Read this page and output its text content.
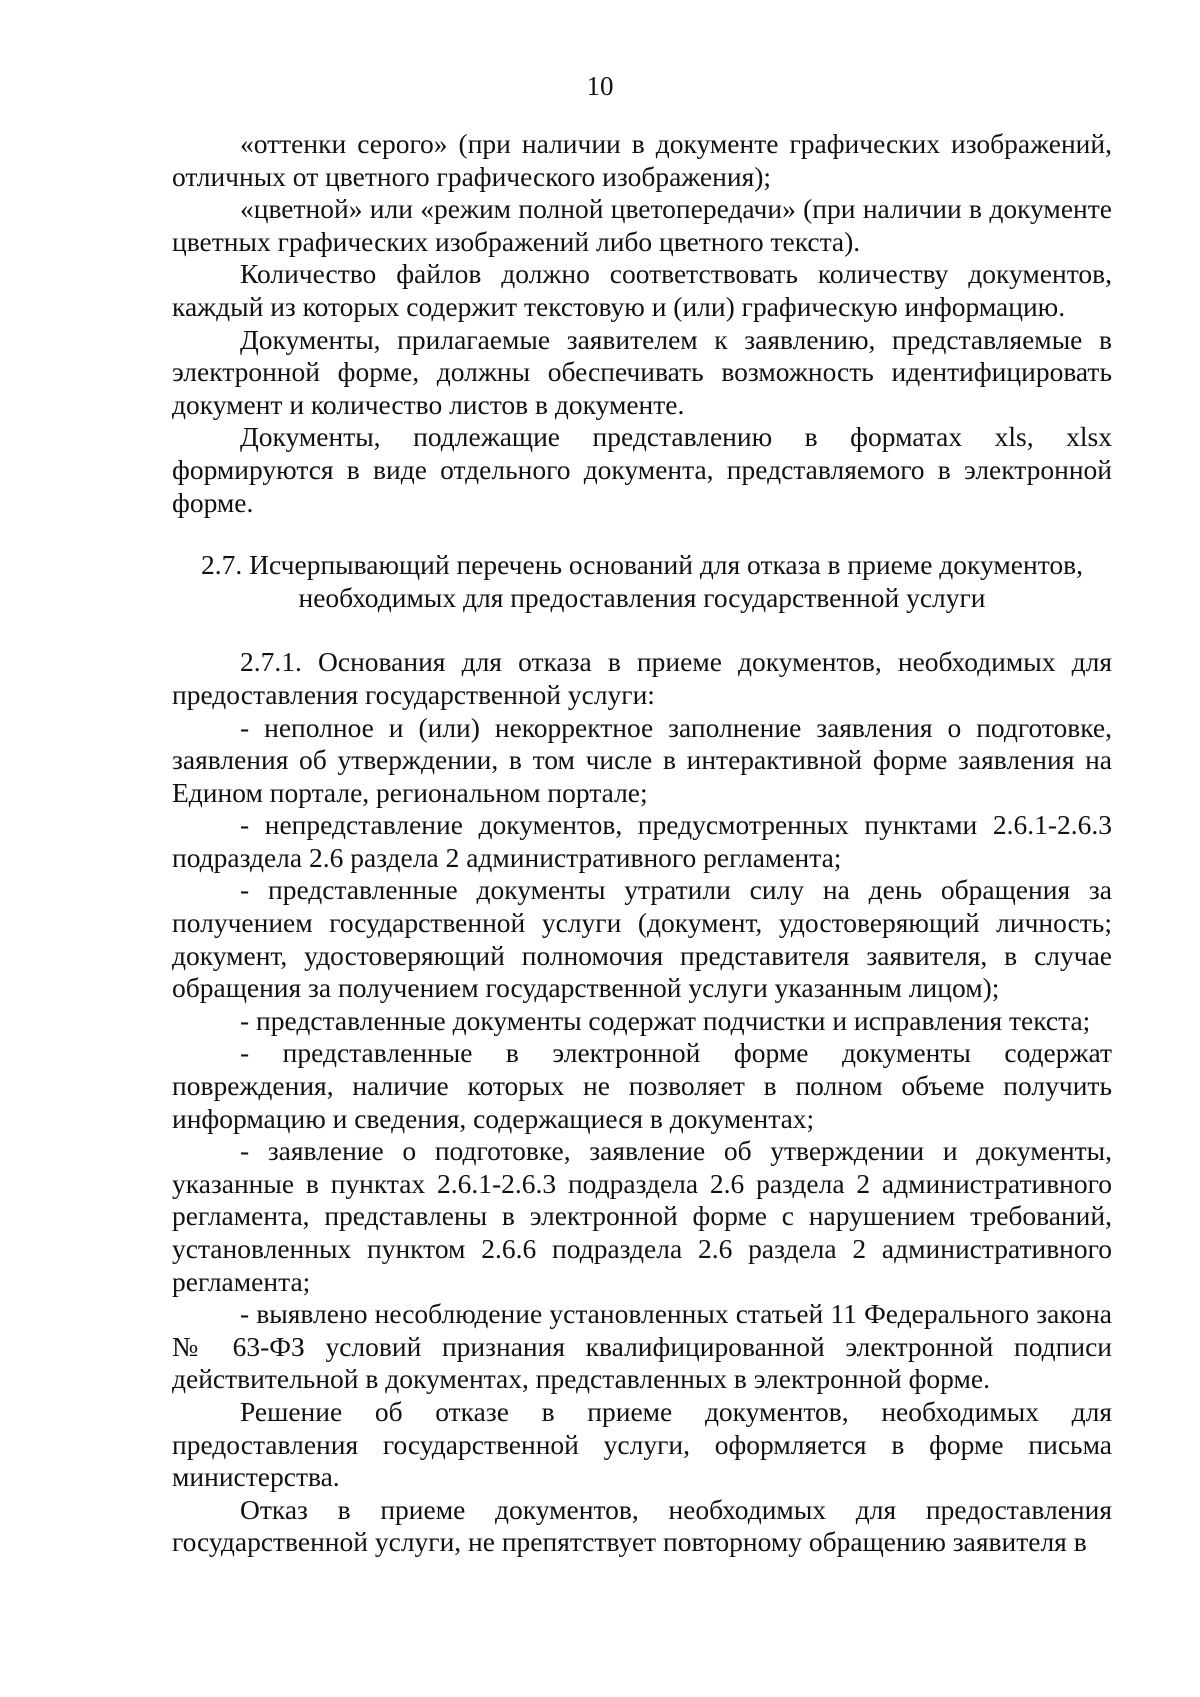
10

«оттенки серого» (при наличии в документе графических изображений, отличных от цветного графического изображения);

«цветной» или «режим полной цветопередачи» (при наличии в документе цветных графических изображений либо цветного текста).

Количество файлов должно соответствовать количеству документов, каждый из которых содержит текстовую и (или) графическую информацию.

Документы, прилагаемые заявителем к заявлению, представляемые в электронной форме, должны обеспечивать возможность идентифицировать документ и количество листов в документе.

Документы, подлежащие представлению в форматах xls, xlsx формируются в виде отдельного документа, представляемого в электронной форме.

2.7. Исчерпывающий перечень оснований для отказа в приеме документов,
необходимых для предоставления государственной услуги

2.7.1. Основания для отказа в приеме документов, необходимых для предоставления государственной услуги:

- неполное и (или) некорректное заполнение заявления о подготовке, заявления об утверждении, в том числе в интерактивной форме заявления на Едином портале, региональном портале;

- непредставление документов, предусмотренных пунктами 2.6.1-2.6.3 подраздела 2.6 раздела 2 административного регламента;

- представленные документы утратили силу на день обращения за получением государственной услуги (документ, удостоверяющий личность; документ, удостоверяющий полномочия представителя заявителя, в случае обращения за получением государственной услуги указанным лицом);

- представленные документы содержат подчистки и исправления текста;

- представленные в электронной форме документы содержат повреждения, наличие которых не позволяет в полном объеме получить информацию и сведения, содержащиеся в документах;

- заявление о подготовке, заявление об утверждении и документы, указанные в пунктах 2.6.1-2.6.3 подраздела 2.6 раздела 2 административного регламента, представлены в электронной форме с нарушением требований, установленных пунктом 2.6.6 подраздела 2.6 раздела 2 административного регламента;

- выявлено несоблюдение установленных статьей 11 Федерального закона № 63-ФЗ условий признания квалифицированной электронной подписи действительной в документах, представленных в электронной форме.

Решение об отказе в приеме документов, необходимых для предоставления государственной услуги, оформляется в форме письма министерства.

Отказ в приеме документов, необходимых для предоставления государственной услуги, не препятствует повторному обращению заявителя в
